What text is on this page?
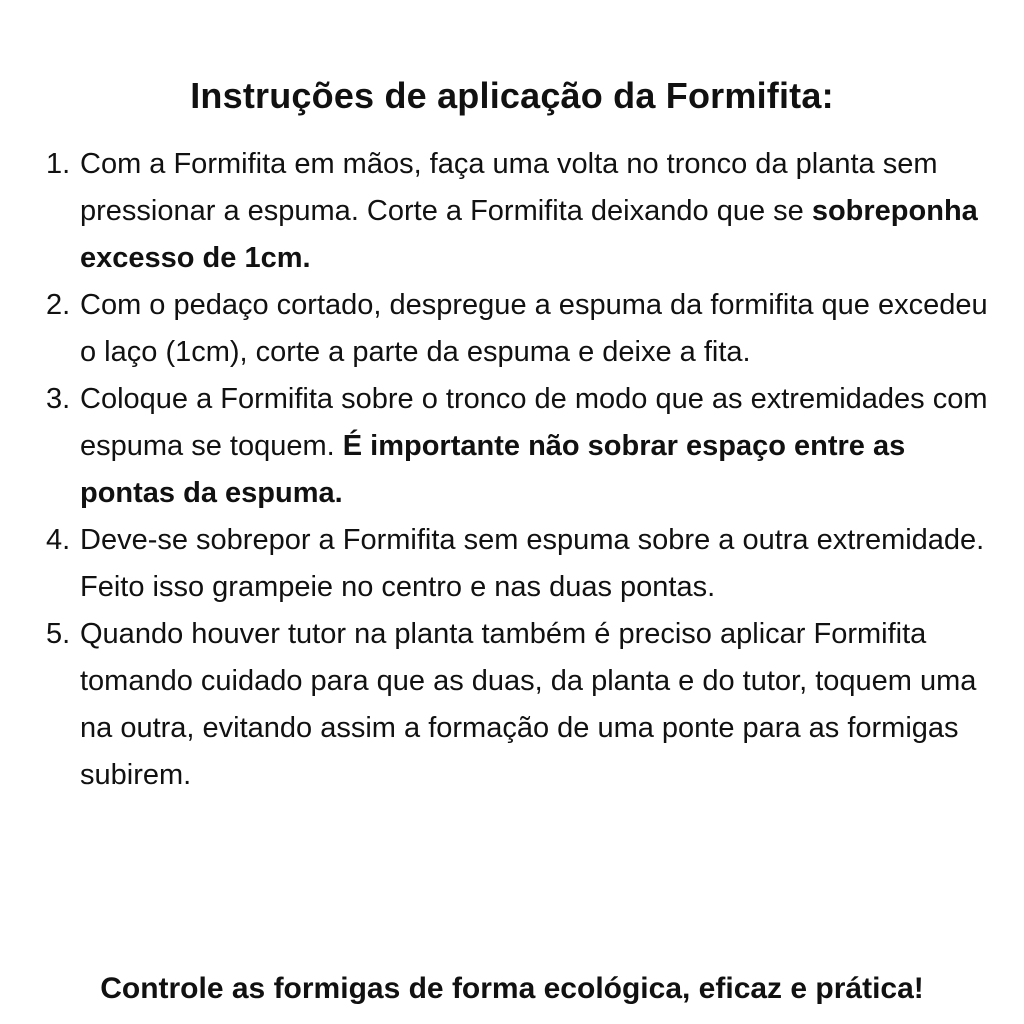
Instruções de aplicação da Formifita:
1. Com a Formifita em mãos, faça uma volta no tronco da planta sem pressionar a espuma. Corte a Formifita deixando que se sobreponha excesso de 1cm.
2. Com o pedaço cortado, despregue a espuma da formifita que excedeu o laço (1cm), corte a parte da espuma e deixe a fita.
3. Coloque a Formifita sobre o tronco de modo que as extremidades com espuma se toquem. É importante não sobrar espaço entre as pontas da espuma.
4. Deve-se sobrepor a Formifita sem espuma sobre a outra extremidade. Feito isso grampeie no centro e nas duas pontas.
5. Quando houver tutor na planta também é preciso aplicar Formifita tomando cuidado para que as duas, da planta e do tutor, toquem uma na outra, evitando assim a formação de uma ponte para as formigas subirem.

Controle as formigas de forma ecológica, eficaz e prática!
